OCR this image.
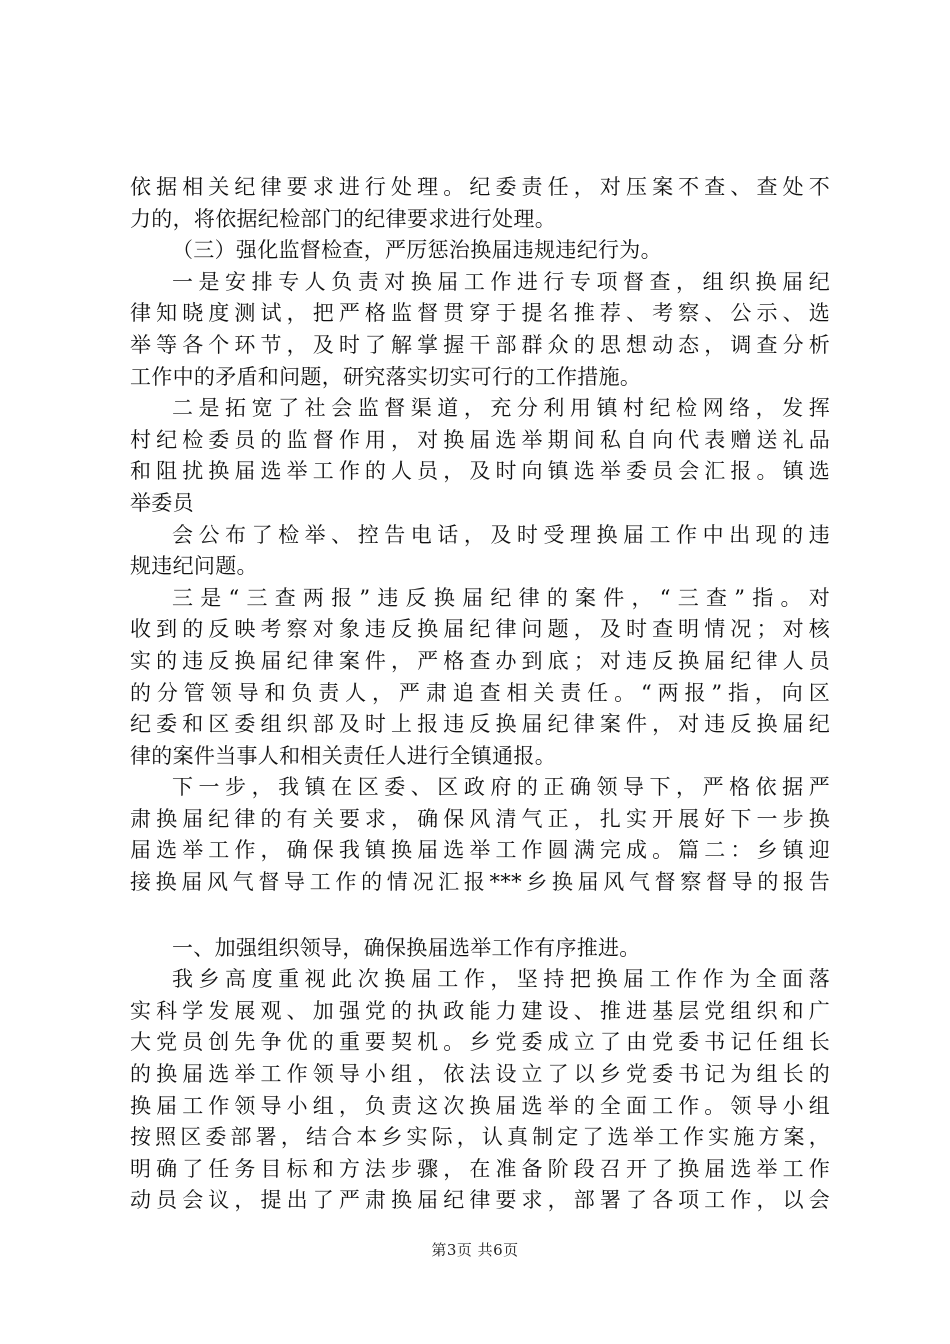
依据相关纪律要求进行处理。纪委责任，对压案不查、查处不
力的，将依据纪检部门的纪律要求进行处理。
（三）强化监督检查，严厉惩治换届违规违纪行为。
一是安排专人负责对换届工作进行专项督查，组织换届纪
律知晓度测试，把严格监督贯穿于提名推荐、考察、公示、选
举等各个环节，及时了解掌握干部群众的思想动态，调查分析
工作中的矛盾和问题，研究落实切实可行的工作措施。
二是拓宽了社会监督渠道，充分利用镇村纪检网络，发挥
村纪检委员的监督作用，对换届选举期间私自向代表赠送礼品
和阻扰换届选举工作的人员，及时向镇选举委员会汇报。镇选
举委员
会公布了检举、控告电话，及时受理换届工作中出现的违
规违纪问题。
三是“三查两报”违反换届纪律的案件，“三查”指。对
收到的反映考察对象违反换届纪律问题，及时查明情况；对核
实的违反换届纪律案件，严格查办到底；对违反换届纪律人员
的分管领导和负责人，严肃追查相关责任。“两报”指，向区
纪委和区委组织部及时上报违反换届纪律案件，对违反换届纪
律的案件当事人和相关责任人进行全镇通报。
下一步，我镇在区委、区政府的正确领导下，严格依据严
肃换届纪律的有关要求，确保风清气正，扎实开展好下一步换
届选举工作，确保我镇换届选举工作圆满完成。篇二：乡镇迎
接换届风气督导工作的情况汇报***乡换届风气督察督导的报告
一、加强组织领导，确保换届选举工作有序推进。
我乡高度重视此次换届工作，坚持把换届工作作为全面落
实科学发展观、加强党的执政能力建设、推进基层党组织和广
大党员创先争优的重要契机。乡党委成立了由党委书记任组长
的换届选举工作领导小组，依法设立了以乡党委书记为组长的
换届工作领导小组，负责这次换届选举的全面工作。领导小组
按照区委部署，结合本乡实际，认真制定了选举工作实施方案，
明确了任务目标和方法步骤，在准备阶段召开了换届选举工作
动员会议，提出了严肃换届纪律要求，部署了各项工作，以会
第3页 共6页
